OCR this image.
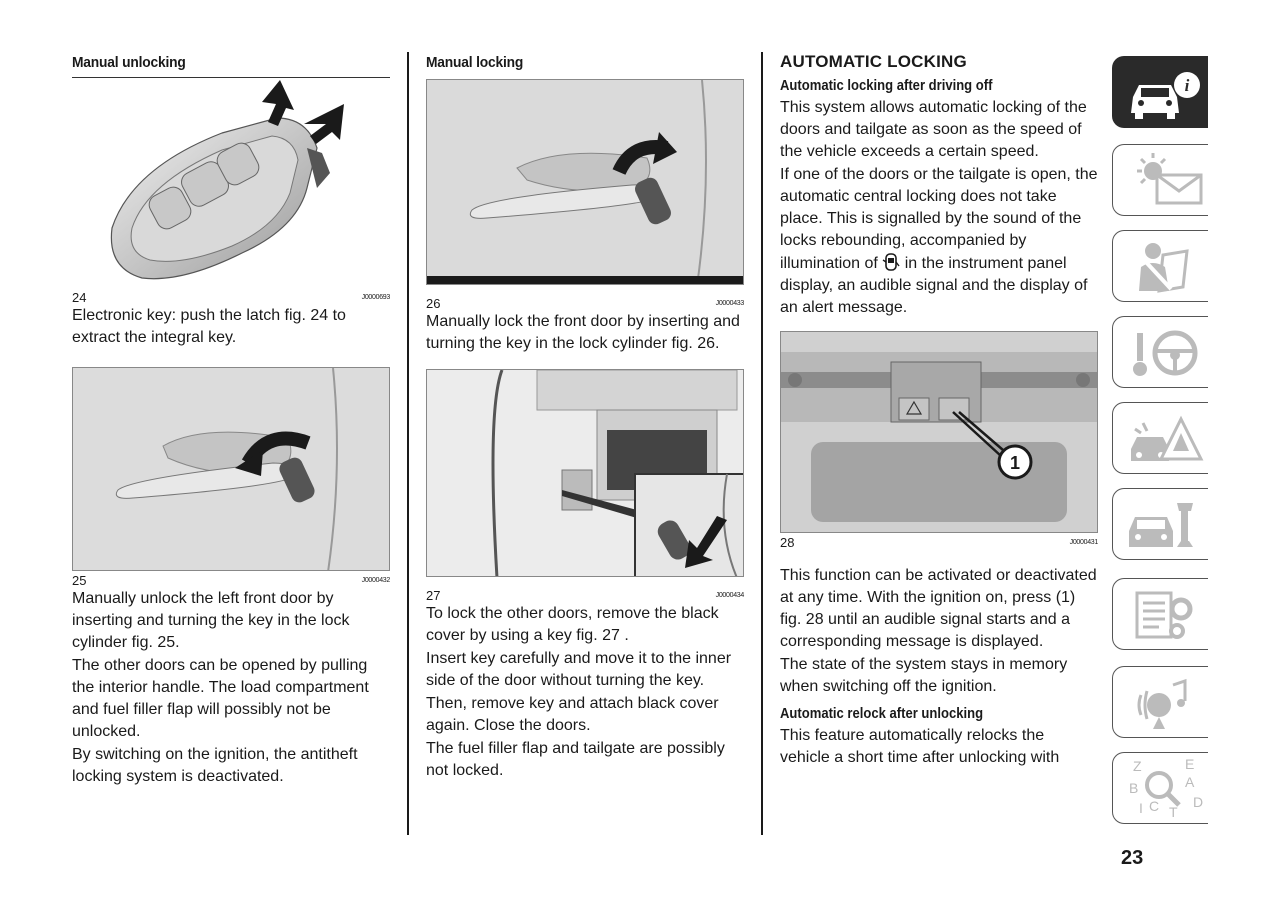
Manual unlocking
24	J0000693

Electronic key: push the latch fig. 24 to extract the integral key.

25	J0000432

Manually unlock the left front door by inserting and turning the key in the lock cylinder fig. 25.

The other doors can be opened by pulling the interior handle. The load compartment and fuel filler flap will possibly not be unlocked.

By switching on the ignition, the antitheft locking system is deactivated.

Manual locking
26	J0000433

Manually lock the front door by inserting and turning the key in the lock cylinder fig. 26.

27	J0000434

To lock the other doors, remove the black cover by using a key fig. 27 .

Insert key carefully and move it to the inner side of the door without turning the key.

Then, remove key and attach black cover again. Close the doors.

The fuel filler flap and tailgate are possibly not locked.

AUTOMATIC LOCKING
Automatic locking after driving off

This system allows automatic locking of the doors and tailgate as soon as the speed of the vehicle exceeds a certain speed.

If one of the doors or the tailgate is open, the automatic central locking does not take place. This is signalled by the sound of the locks rebounding, accompanied by illumination of in the instrument panel display, an audible signal and the display of an alert message.

1
28	J0000431

This function can be activated or deactivated at any time. With the ignition on, press (1) fig. 28 until an audible signal starts and a corresponding message is displayed.

The state of the system stays in memory when switching off the ignition.

Automatic relock after unlocking

This feature automatically relocks the vehicle a short time after unlocking with

i
Z	E
A
B
C T
D
I
23
